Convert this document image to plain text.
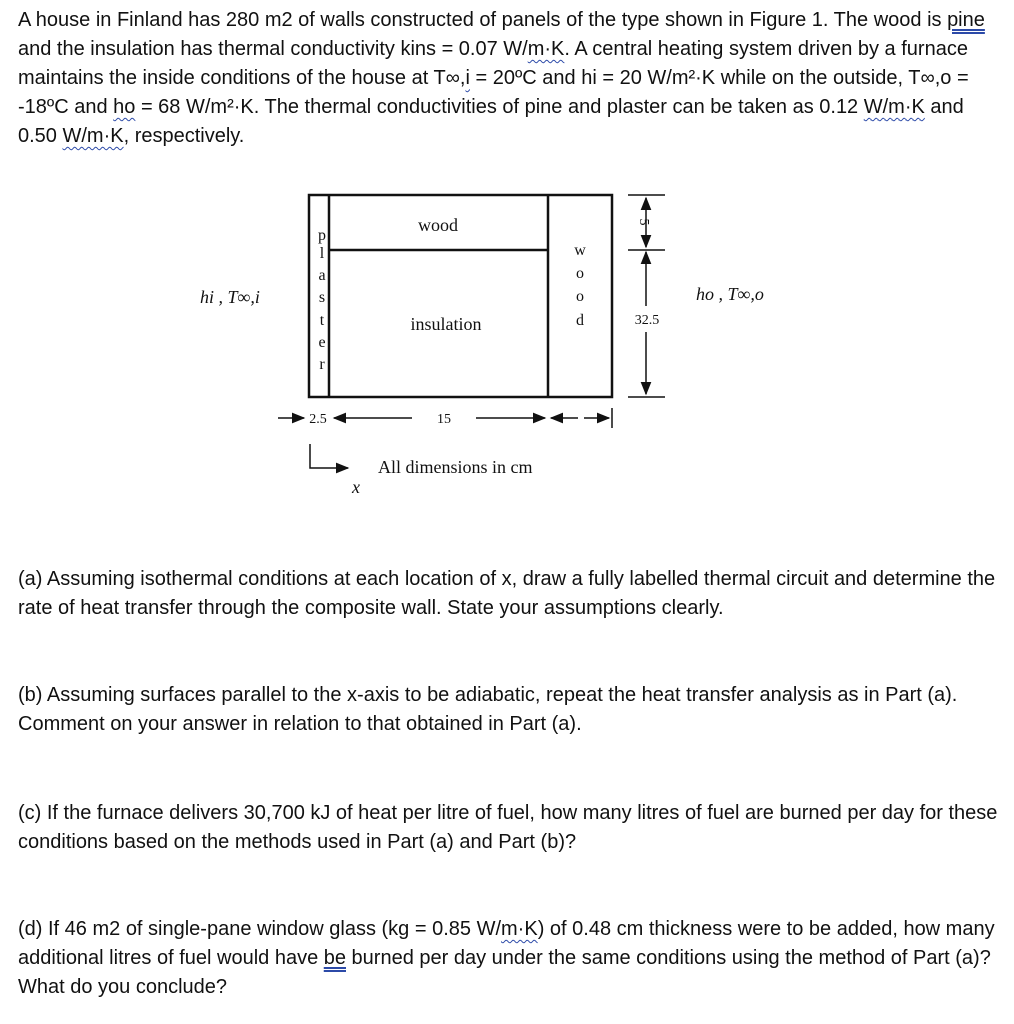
A house in Finland has 280 m2 of walls constructed of panels of the type shown in Figure 1. The wood is pine and the insulation has thermal conductivity kins = 0.07 W/m·K. A central heating system driven by a furnace maintains the inside conditions of the house at T∞,i = 20ºC and hi = 20 W/m²·K while on the outside, T∞,o = -18ºC and ho = 68 W/m²·K. The thermal conductivities of pine and plaster can be taken as 0.12 W/m·K and 0.50 W/m·K, respectively.

p
l
a
s
t
e
r
wood
insulation
w
o
o
d
hi , T∞,i	ho , T∞,o
5
32.5
2.5	15
x
All dimensions in cm

(a) Assuming isothermal conditions at each location of x, draw a fully labelled thermal circuit and determine the rate of heat transfer through the composite wall. State your assumptions clearly.

(b) Assuming surfaces parallel to the x-axis to be adiabatic, repeat the heat transfer analysis as in Part (a). Comment on your answer in relation to that obtained in Part (a).

(c) If the furnace delivers 30,700 kJ of heat per litre of fuel, how many litres of fuel are burned per day for these conditions based on the methods used in Part (a) and Part (b)?

(d) If 46 m2 of single-pane window glass (kg = 0.85 W/m·K) of 0.48 cm thickness were to be added, how many additional litres of fuel would have be burned per day under the same conditions using the method of Part (a)? What do you conclude?
